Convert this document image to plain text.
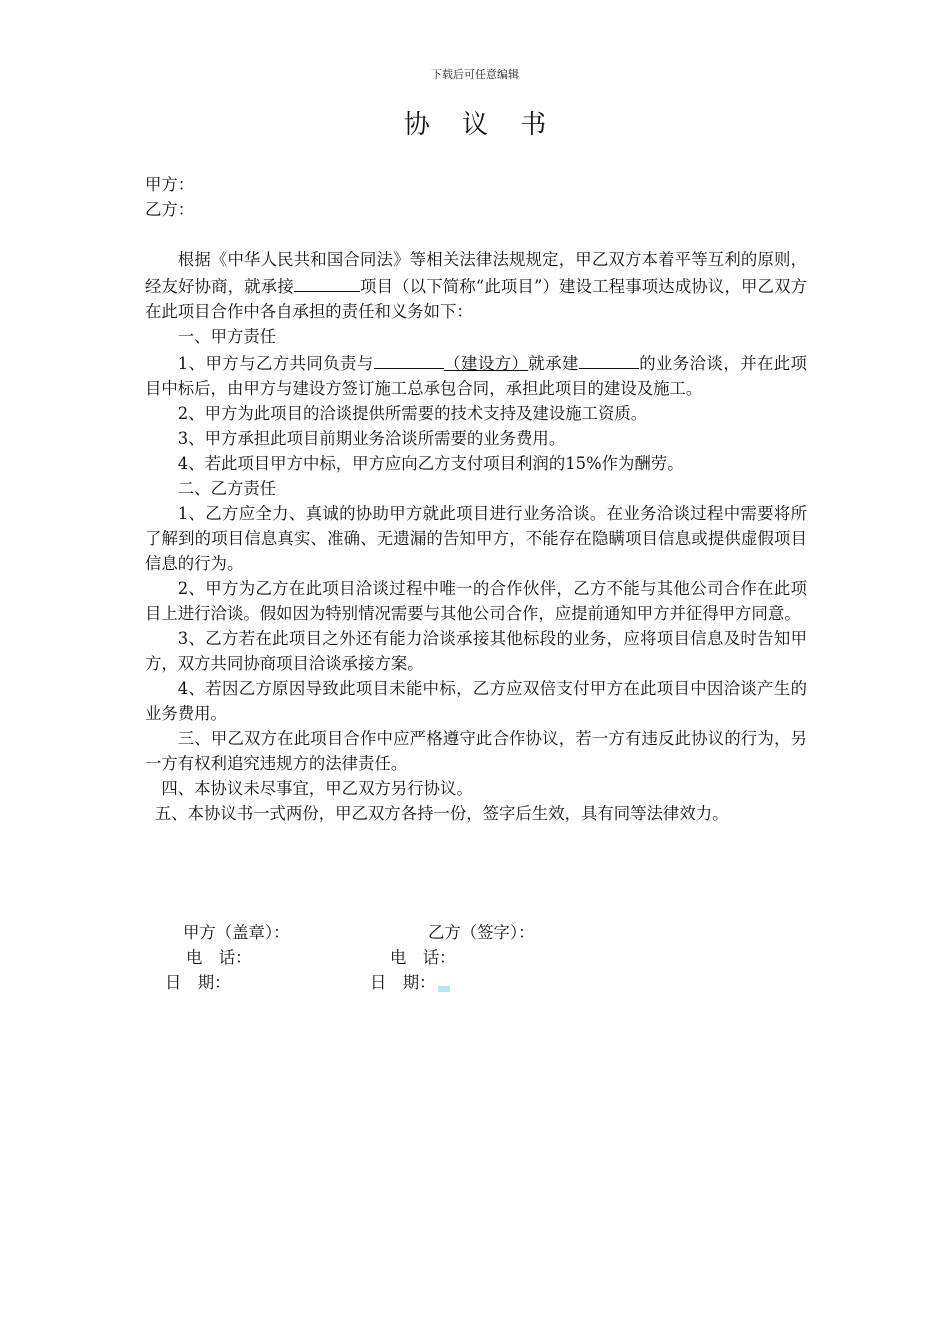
下载后可任意编辑
协 议 书

甲方：

乙方：

根据《中华人民共和国合同法》等相关法律法规规定，甲乙双方本着平等互利的原则，经友好协商，就承接	项目（以下简称“此项目”）建设工程事项达成协议，甲乙双方在此项目合作中各自承担的责任和义务如下：

一、甲方责任

1、甲方与乙方共同负责与	（建设方）就承建	的业务洽谈，并在此项目中标后，由甲方与建设方签订施工总承包合同，承担此项目的建设及施工。

2、甲方为此项目的洽谈提供所需要的技术支持及建设施工资质。

3、甲方承担此项目前期业务洽谈所需要的业务费用。

4、若此项目甲方中标，甲方应向乙方支付项目利润的15%作为酬劳。

二、乙方责任

1、乙方应全力、真诚的协助甲方就此项目进行业务洽谈。在业务洽谈过程中需要将所了解到的项目信息真实、准确、无遗漏的告知甲方，不能存在隐瞒项目信息或提供虚假项目信息的行为。

2、甲方为乙方在此项目洽谈过程中唯一的合作伙伴，乙方不能与其他公司合作在此项目上进行洽谈。假如因为特别情况需要与其他公司合作，应提前通知甲方并征得甲方同意。

3、乙方若在此项目之外还有能力洽谈承接其他标段的业务，应将项目信息及时告知甲方，双方共同协商项目洽谈承接方案。

4、若因乙方原因导致此项目未能中标，乙方应双倍支付甲方在此项目中因洽谈产生的业务费用。

三、甲乙双方在此项目合作中应严格遵守此合作协议，若一方有违反此协议的行为，另一方有权利追究违规方的法律责任。

四、本协议未尽事宜，甲乙双方另行协议。

五、本协议书一式两份，甲乙双方各持一份，签字后生效，具有同等法律效力。

甲方（盖章）：	乙方（签字）：
电　话：	电　话：
日　期：	日　期：
